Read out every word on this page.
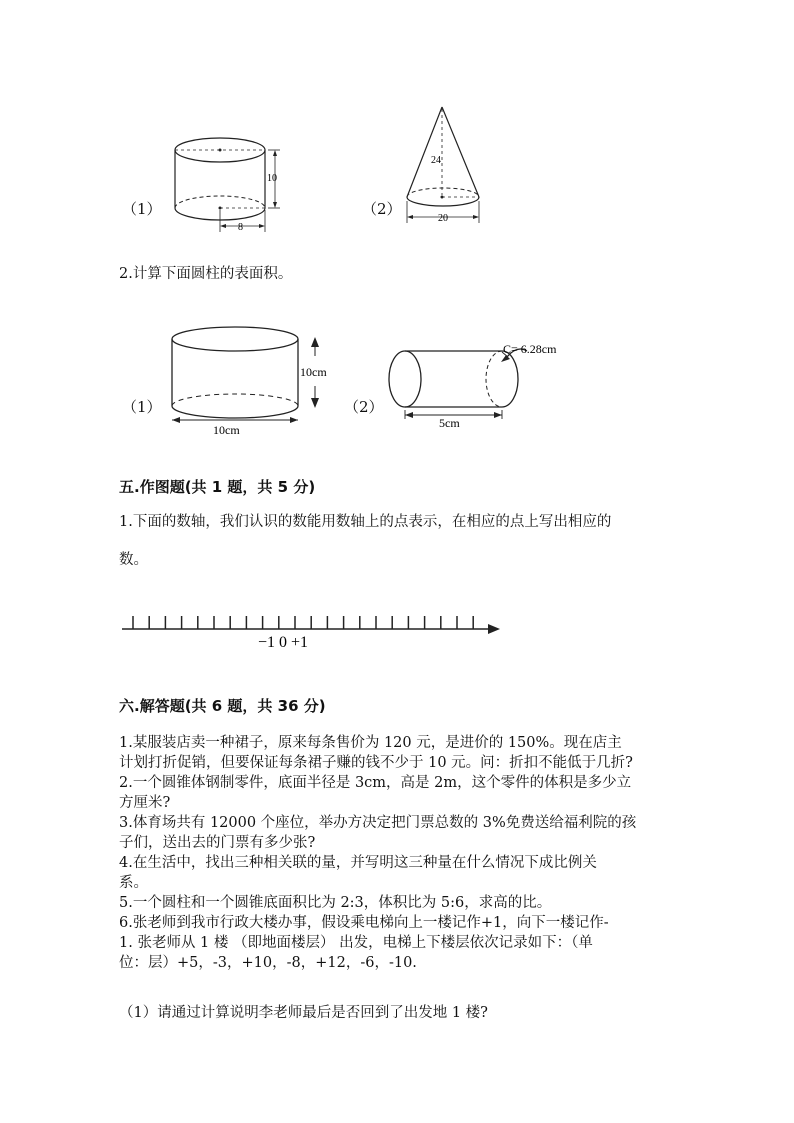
（1）	（2）
8
10
24
20
2.计算下面圆柱的表面积。
（1）	（2）
10cm
10cm
5cm
C= 6.28cm
五.作图题(共 1 题，共 5 分)
1.下面的数轴，我们认识的数能用数轴上的点表示，在相应的点上写出相应的
数。
−1 0 +1
六.解答题(共 6 题，共 36 分)
1.某服装店卖一种裙子，原来每条售价为 120 元，是进价的 150%。现在店主
计划打折促销，但要保证每条裙子赚的钱不少于 10 元。问：折扣不能低于几折?
2.一个圆锥体钢制零件，底面半径是 3cm，高是 2m，这个零件的体积是多少立
方厘米?
3.体育场共有 12000 个座位，举办方决定把门票总数的 3%免费送给福利院的孩
子们，送出去的门票有多少张?
4.在生活中，找出三种相关联的量，并写明这三种量在什么情况下成比例关
系。
5.一个圆柱和一个圆锥底面积比为 2:3，体积比为 5:6，求高的比。
6.张老师到我市行政大楼办事，假设乘电梯向上一楼记作+1，向下一楼记作-
1. 张老师从 1 楼 （即地面楼层） 出发，电梯上下楼层依次记录如下：（单
位：层）+5，-3，+10，-8，+12，-6，-10.
（1）请通过计算说明李老师最后是否回到了出发地 1 楼?
